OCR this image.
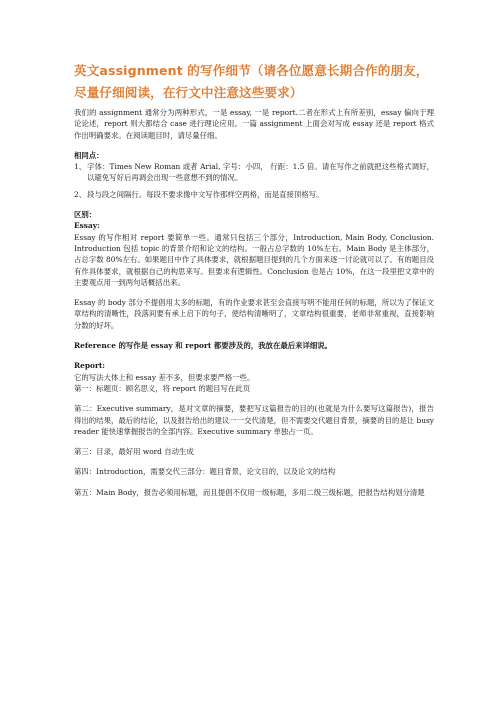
英文assignment 的写作细节（请各位愿意长期合作的朋友，尽量仔细阅读，在行文中注意这些要求）

我们的 assignment 通常分为两种形式，一是 essay, 一是 report.二者在形式上有所差别，essay 偏向于理论论述，report 则大都结合 case 进行理论应用。一篇 assignment 上面会对写成 essay 还是 report 格式作出明确要求。在阅读题目时，请尽量仔细。

相同点：

1、字体：Times New Roman 或者 Arial, 字号：小四， 行距：1.5 倍。请在写作之前就把这些格式调好，以避免写好后再调会出现一些意想不到的情况。

2、段与段之间隔行。每段不要求像中文写作那样空两格，而是直接顶格写。

区别：

Essay:

Essay 的写作相对 report 要简单一些。通常只包括三个部分，Introduction, Main Body, Conclusion. Introduction 包括 topic 的背景介绍和论文的结构。一般占总字数的 10%左右。Main Body 是主体部分，占总字数 80%左右。如果题目中作了具体要求，就根据题目提到的几个方面来逐一讨论就可以了。有的题目没有作具体要求，就根据自己的构思来写。但要求有逻辑性。Conclusion 也是占 10%，在这一段里把文章中的主要观点用一到两句话概括出来。

Essay 的 body 部分不提倡用太多的标题，有的作业要求甚至会直接写明不能用任何的标题，所以为了保证文章结构的清晰性，段落间要有承上启下的句子，使结构清晰明了，文章结构很重要，老师非常重视，直接影响分数的好坏。

Reference 的写作是 essay 和 report 都要涉及的，我放在最后来详细说。

Report:

它的写法大体上和 essay 差不多，但要求要严格一些。

第一：标题页：顾名思义，将 report 的题目写在此页

第二：Executive summary，是对文章的摘要，要把写这篇报告的目的(也就是为什么要写这篇报告)，报告得出的结果，最后的结论，以及报告给出的建议一一交代清楚，但不需要交代题目背景，摘要的目的是让 busy reader 能快速掌握报告的全部内容。Executive summary 单独占一页。

第三：目录，最好用 word 自动生成

第四：Introduction，需要交代三部分：题目背景，论文目的，以及论文的结构

第五：Main Body，报告必须用标题，而且提倡不仅用一级标题，多用二级三级标题，把报告结构划分清楚
